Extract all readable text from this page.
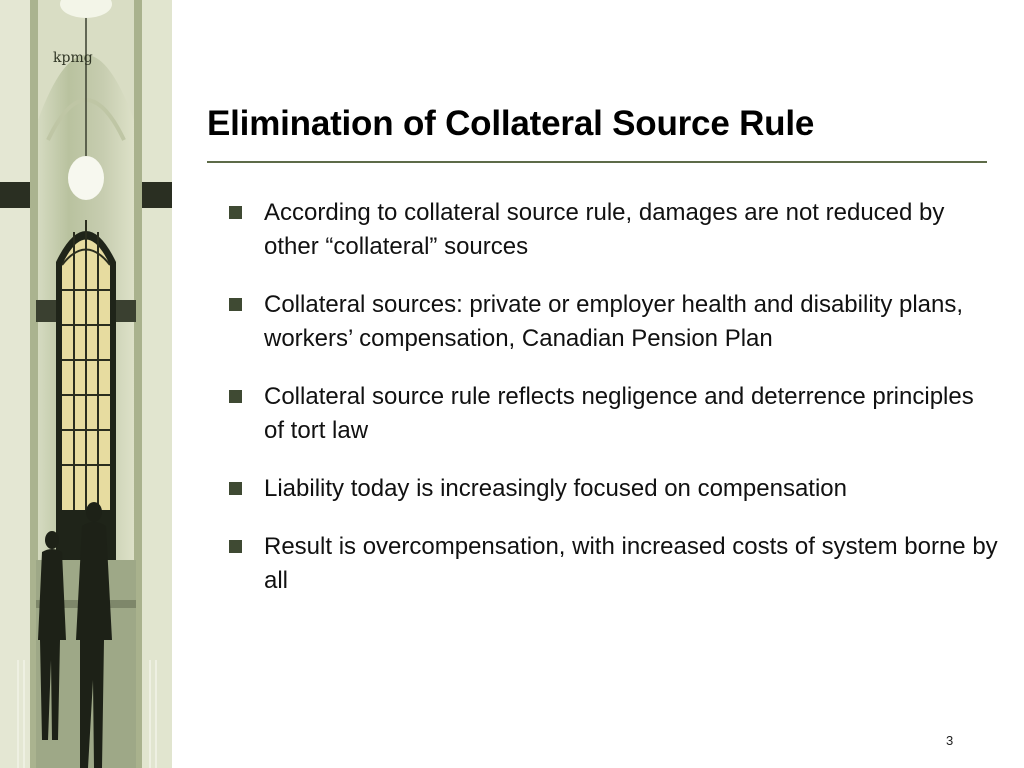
kpmg
Elimination of Collateral Source Rule
According to collateral source rule, damages are not reduced by other “collateral” sources
Collateral sources: private or employer health and disability plans, workers’ compensation, Canadian Pension Plan
Collateral source rule reflects negligence and deterrence principles of tort law
Liability today is increasingly focused on compensation
Result is overcompensation, with increased costs of system borne by all
3
